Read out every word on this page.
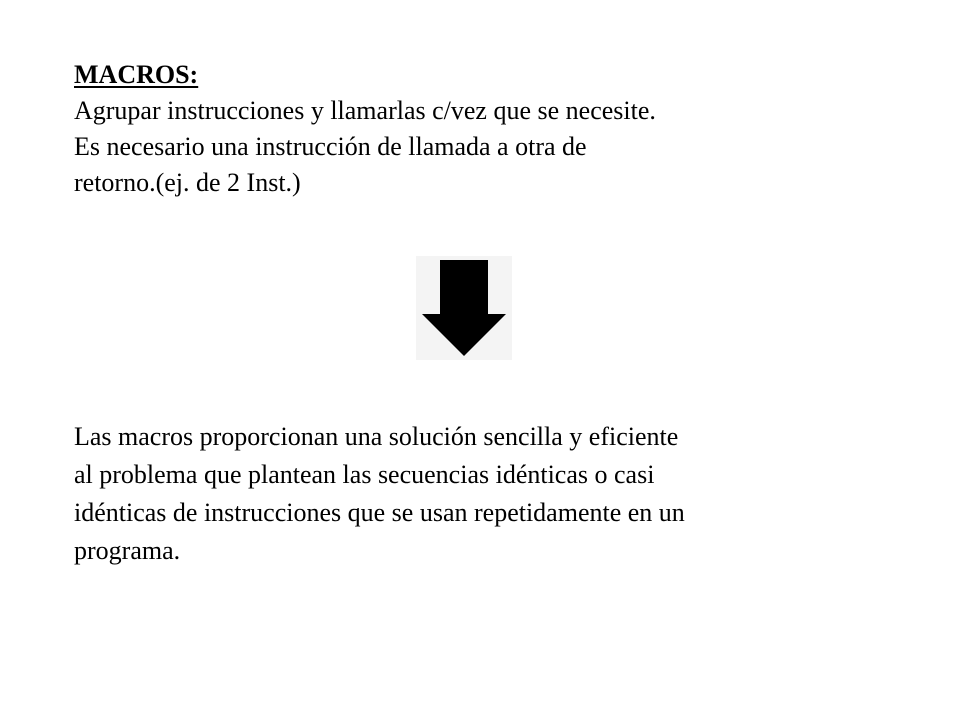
MACROS:
Agrupar instrucciones y llamarlas c/vez que se necesite.
Es necesario una instrucción de llamada a otra de
retorno.(ej. de 2 Inst.)
Las macros proporcionan una solución sencilla y eficiente
al problema que plantean las secuencias idénticas o casi
idénticas de instrucciones que se usan repetidamente en un
programa.
